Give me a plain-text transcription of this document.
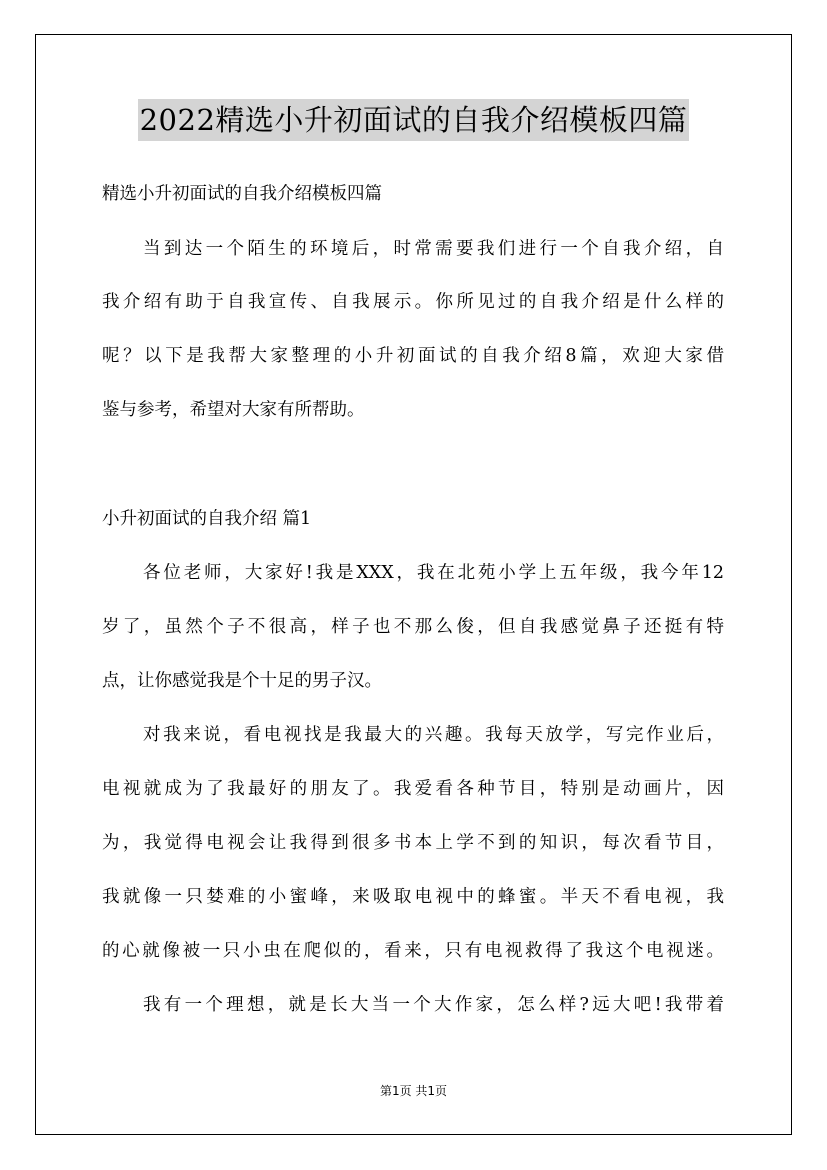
2022精选小升初面试的自我介绍模板四篇
精选小升初面试的自我介绍模板四篇
当到达一个陌生的环境后，时常需要我们进行一个自我介绍，自
我介绍有助于自我宣传、自我展示。你所见过的自我介绍是什么样的
呢？以下是我帮大家整理的小升初面试的自我介绍8篇，欢迎大家借
鉴与参考，希望对大家有所帮助。
小升初面试的自我介绍 篇1
各位老师，大家好!我是XXX，我在北苑小学上五年级，我今年12
岁了，虽然个子不很高，样子也不那么俊，但自我感觉鼻子还挺有特
点，让你感觉我是个十足的男子汉。
对我来说，看电视找是我最大的兴趣。我每天放学，写完作业后，
电视就成为了我最好的朋友了。我爱看各种节目，特别是动画片，因
为，我觉得电视会让我得到很多书本上学不到的知识，每次看节目，
我就像一只婪难的小蜜峰，来吸取电视中的蜂蜜。半天不看电视，我
的心就像被一只小虫在爬似的，看来，只有电视救得了我这个电视迷。
我有一个理想，就是长大当一个大作家，怎么样?远大吧!我带着
第1页 共1页
